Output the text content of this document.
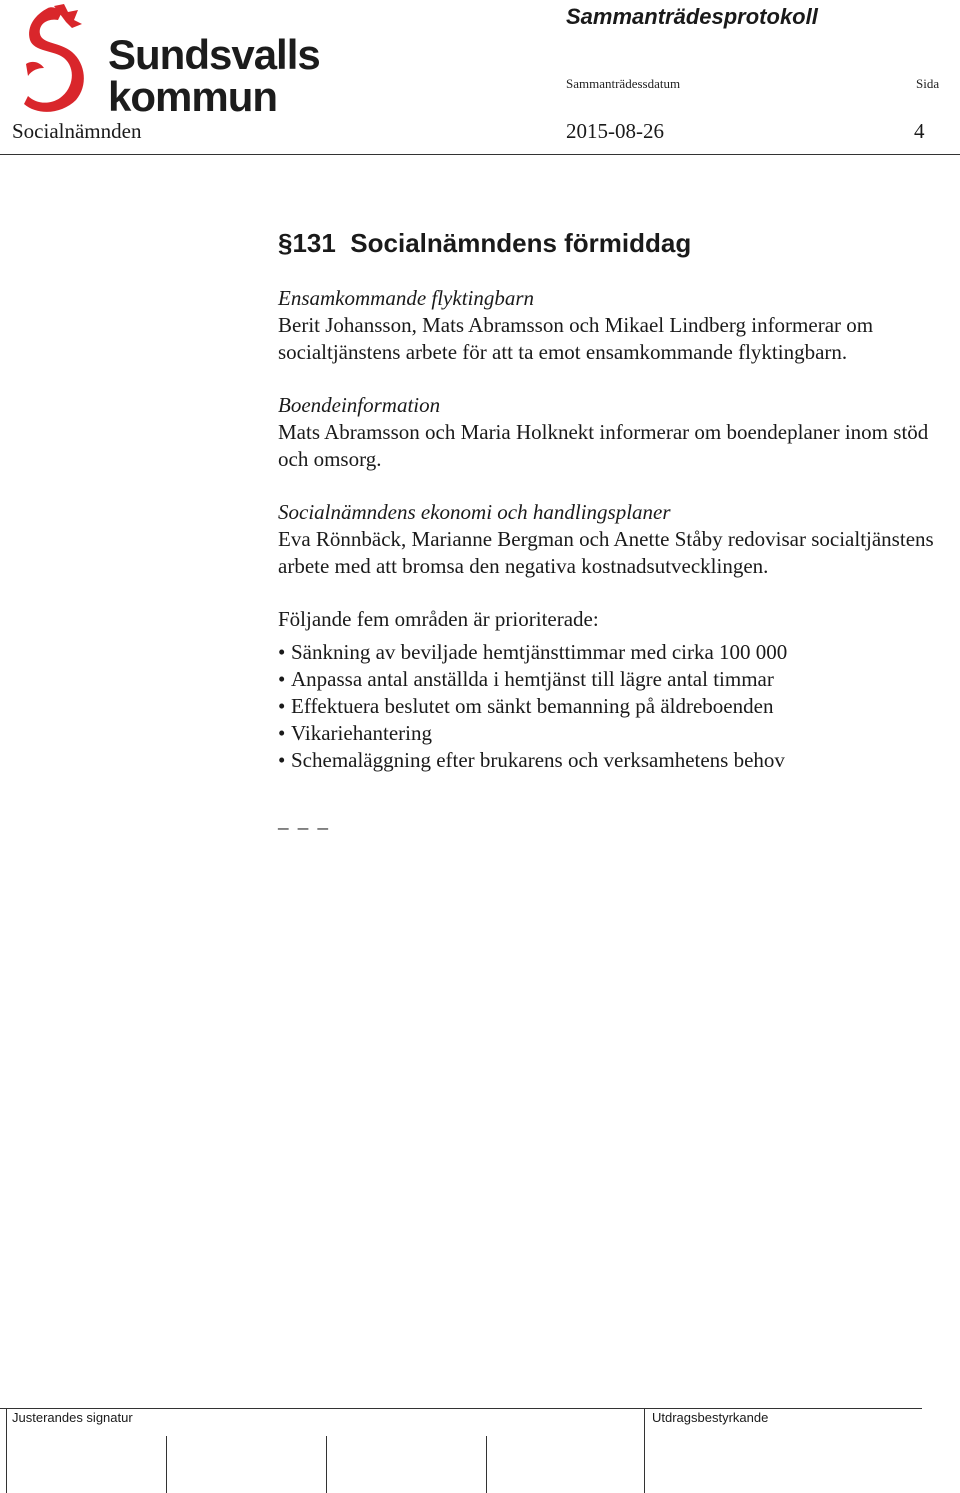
Sundsvalls
kommun
Sammanträdesprotokoll
Sammanträdessdatum	Sida
Socialnämnden	2015-08-26	4
§131 Socialnämndens förmiddag
Ensamkommande flyktingbarn
Berit Johansson, Mats Abramsson och Mikael Lindberg informerar om socialtjänstens arbete för att ta emot ensamkommande flyktingbarn.
Boendeinformation
Mats Abramsson och Maria Holknekt informerar om boendeplaner inom stöd och omsorg.
Socialnämndens ekonomi och handlingsplaner
Eva Rönnbäck, Marianne Bergman och Anette Ståby redovisar socialtjänstens arbete med att bromsa den negativa kostnadsutvecklingen.
Följande fem områden är prioriterade:
• Sänkning av beviljade hemtjänsttimmar med cirka 100 000
• Anpassa antal anställda i hemtjänst till lägre antal timmar
• Effektuera beslutet om sänkt bemanning på äldreboenden
• Vikariehantering
• Schemaläggning efter brukarens och verksamhetens behov
_ _ _
Justerandes signatur	Utdragsbestyrkande
